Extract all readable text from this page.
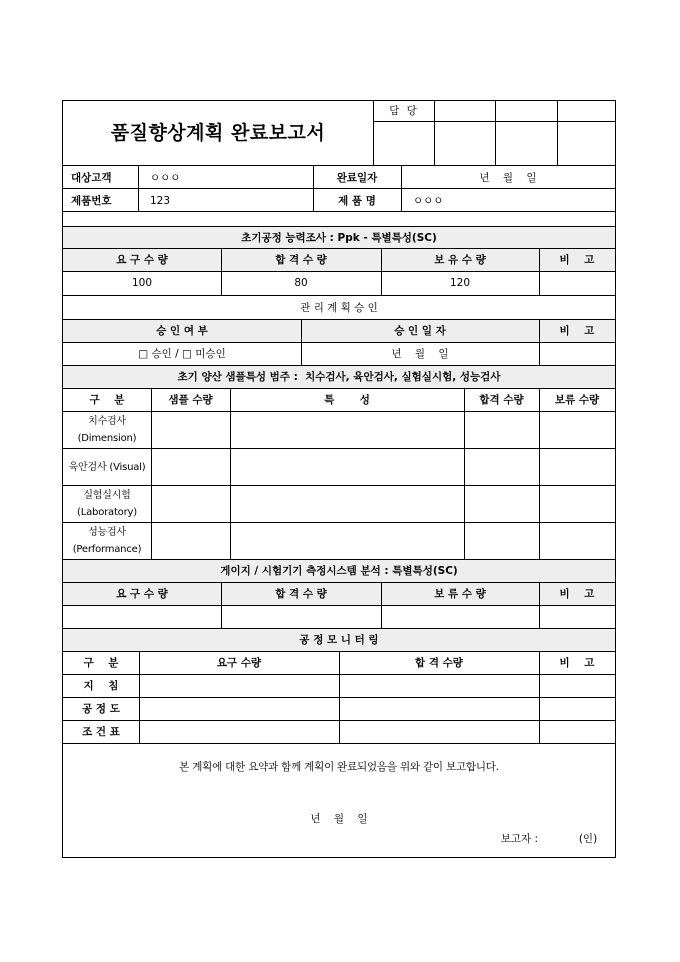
품질향상계획 완료보고서
담 당
대상고객	ㅇㅇㅇ	완료일자	년    월    일
제품번호	123	제 품 명	ㅇㅇㅇ
초기공정 능력조사 : Ppk - 특별특성(SC)
요 구 수 량	합 격 수 량	보 유 수 량	비    고
100	80	120
관 리 계 획 승 인
승 인 여 부	승 인 일 자	비    고
□ 승인 / □ 미승인	년    월    일
초기 양산 샘플특성 범주 :  치수검사, 육안검사, 실험실시험, 성능검사
구    분	샘플 수량	특       성	합격 수량	보류 수량
치수검사 (Dimension)
육안검사 (Visual)
실험실시험 (Laboratory)
성능검사 (Performance)
게이지 / 시험기기 측정시스템 분석 : 특별특성(SC)
요 구 수 량	합 격 수 량	보 류 수 량	비    고
공 정 모 니 터 링
구    분	요구 수량	합 격 수량	비    고
지    침
공 정 도
조 건 표
본 계획에 대한 요약과 함께 계획이 완료되었음을 위와 같이 보고합니다.
년    월    일
보고자 :	(인)
